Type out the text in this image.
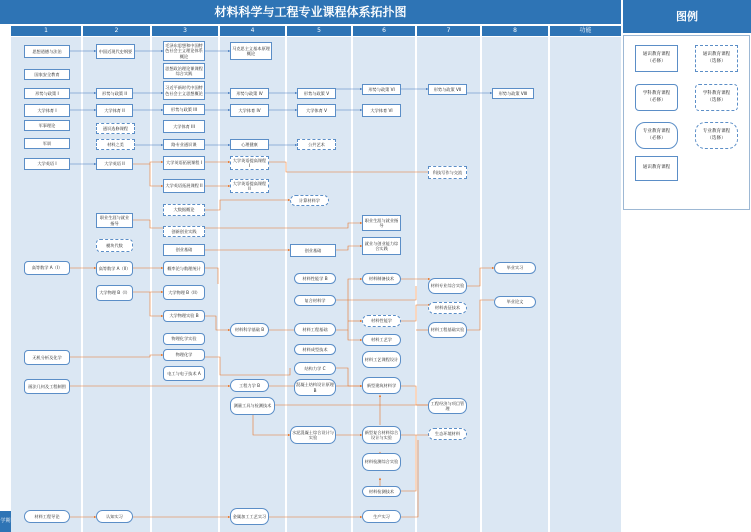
材料科学与工程专业课程体系拓扑图	图例
1	2	3	4	5	6	7	8	功能
学期
通识教育课程
（必修）
通识教育课程
（选修）
学科教育课程
（必修）
学科教育课程
（选修）
专业教育课程
（必修）
专业教育课程
（选修）
通识教育课程
思想道德与法治
国家安全教育
形势与政策 I
大学体育 I
军事理论
军训
大学英语 I
高等数学 A（I）
无机分析及化学
画法几何及工程制图
材料工程导论
中国近现代史纲要
形势与政策 II
大学体育 II
通识选修课程
材料之美
大学英语 II
职业生涯与就业指导
模块代数
高等数学 A（II）
大学物理 B（I）
认知实习
毛泽东思想和中国特色社会主义理论体系概论
思想政治理论课课程综合实践
习近平新时代中国特色社会主义思想概论
形势与政策 III
大学体育 III
路专业通识课
大学英语拓展课程 I
大学英语拓展课程 II
大数据概论
创新创业实践
创业基础
概率论与数理统计
大学物理 B（II）
大学物理实验 B
物理化学实验
物理化学
电工与电子技术 A
马克思主义基本原理概论
形势与政策 IV
大学体育 IV
心理健康
大学英语提高课程 I
大学英语提高课程 II
材料科学基础 B
工程力学 B
测量工具与检测技术
金属加工工艺实习
形势与政策 V
大学体育 V
公共艺术
计算材料学
创业基础
材料性能学 B
复合材料学
材料工程基础
材料成型技术
结构力学 C
混凝土结构设计原理 B
水泥混凝土综合设计与实验
形势与政策 VI
大学体育 VI
职业生涯与就业指导
就业与创业能力综合实践
材料制备技术
材料性能学
材料工艺学
材料工艺课程设计
新型建筑材料学
新型复合材料综合设计与实验
材料检测综合实验
材料检测技术
生产实习
形势与政策 VII
科技写作与交流
材料专业综合实验
材料表征技术
材料工程基础实验
工程经济与项目管理
生态环境材料
形势与政策 VIII
毕业实习
毕业论文
